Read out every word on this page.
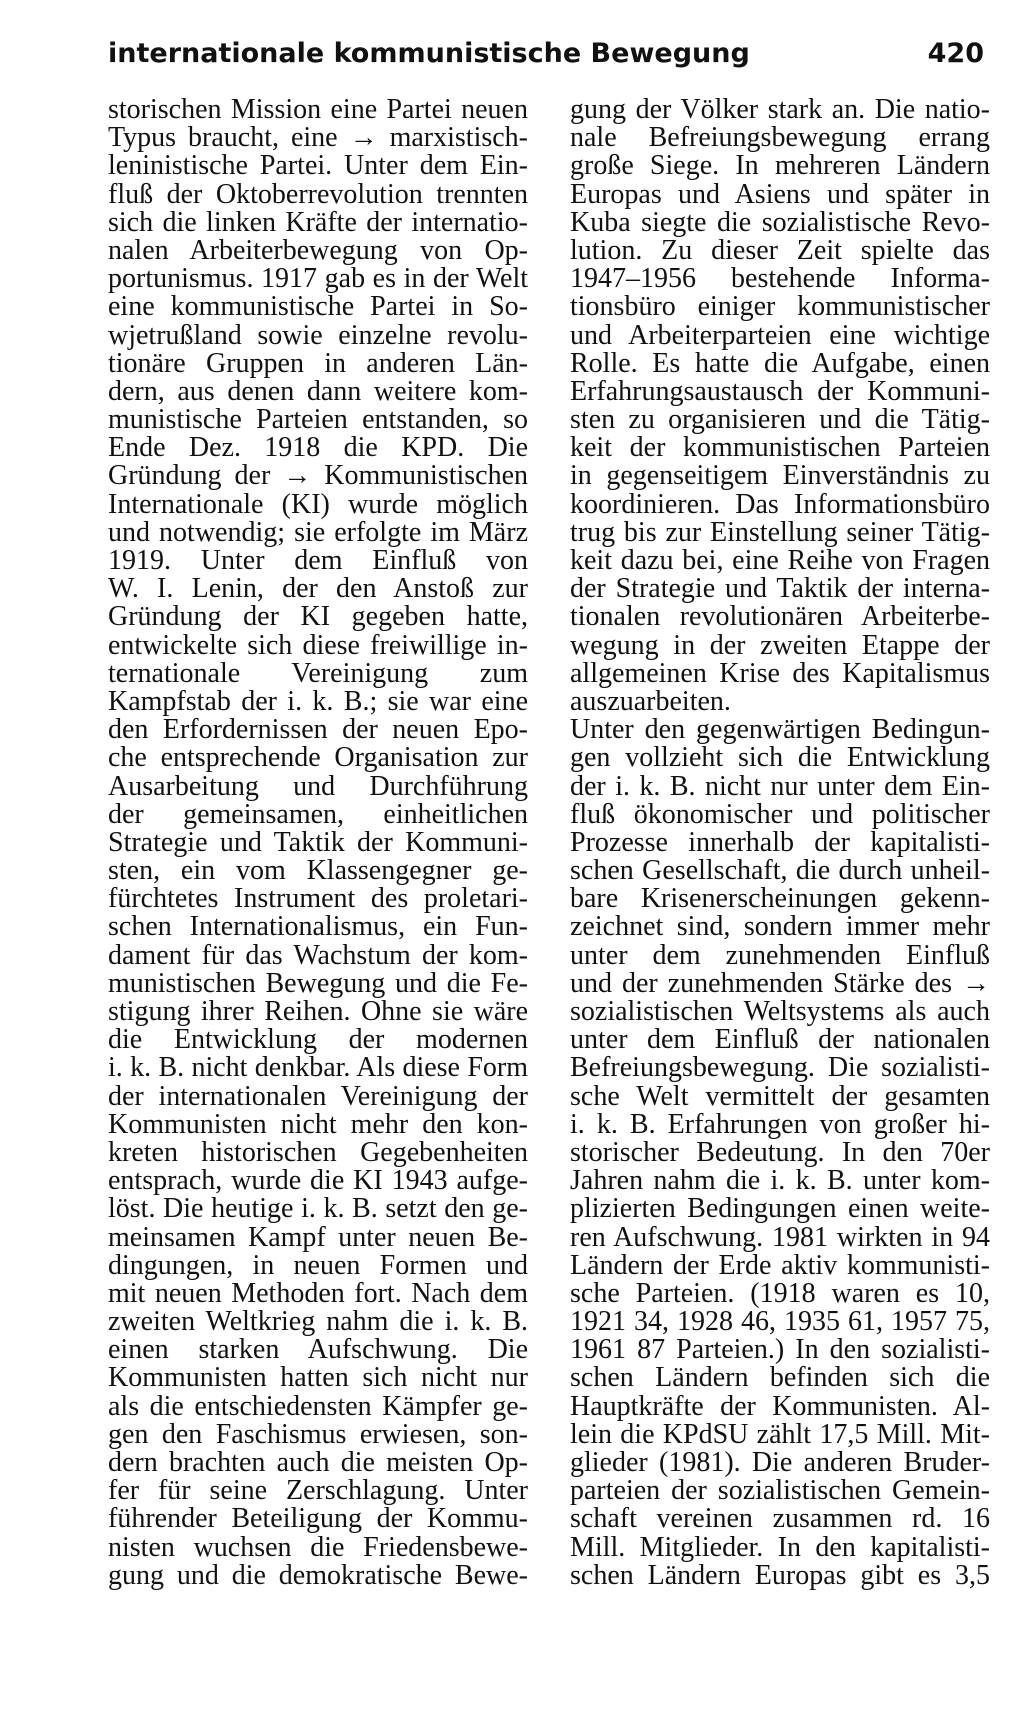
internationale kommunistische Bewegung	420
storischen Mission eine Partei neuen
Typus braucht, eine → marxistisch-
leninistische Partei. Unter dem Ein-
fluß der Oktoberrevolution trennten
sich die linken Kräfte der internatio-
nalen Arbeiterbewegung von Op-
portunismus. 1917 gab es in der Welt
eine kommunistische Partei in So-
wjetrußland sowie einzelne revolu-
tionäre Gruppen in anderen Län-
dern, aus denen dann weitere kom-
munistische Parteien entstanden, so
Ende Dez. 1918 die KPD. Die
Gründung der → Kommunistischen
Internationale (KI) wurde möglich
und notwendig; sie erfolgte im März
1919. Unter dem Einfluß von
W. I. Lenin, der den Anstoß zur
Gründung der KI gegeben hatte,
entwickelte sich diese freiwillige in-
ternationale Vereinigung zum
Kampfstab der i. k. B.; sie war eine
den Erfordernissen der neuen Epo-
che entsprechende Organisation zur
Ausarbeitung und Durchführung
der gemeinsamen, einheitlichen
Strategie und Taktik der Kommuni-
sten, ein vom Klassengegner ge-
fürchtetes Instrument des proletari-
schen Internationalismus, ein Fun-
dament für das Wachstum der kom-
munistischen Bewegung und die Fe-
stigung ihrer Reihen. Ohne sie wäre
die Entwicklung der modernen
i. k. B. nicht denkbar. Als diese Form
der internationalen Vereinigung der
Kommunisten nicht mehr den kon-
kreten historischen Gegebenheiten
entsprach, wurde die KI 1943 aufge-
löst. Die heutige i. k. B. setzt den ge-
meinsamen Kampf unter neuen Be-
dingungen, in neuen Formen und
mit neuen Methoden fort. Nach dem
zweiten Weltkrieg nahm die i. k. B.
einen starken Aufschwung. Die
Kommunisten hatten sich nicht nur
als die entschiedensten Kämpfer ge-
gen den Faschismus erwiesen, son-
dern brachten auch die meisten Op-
fer für seine Zerschlagung. Unter
führender Beteiligung der Kommu-
nisten wuchsen die Friedensbewe-
gung und die demokratische Bewe-
gung der Völker stark an. Die natio-
nale Befreiungsbewegung errang
große Siege. In mehreren Ländern
Europas und Asiens und später in
Kuba siegte die sozialistische Revo-
lution. Zu dieser Zeit spielte das
1947–1956 bestehende Informa-
tionsbüro einiger kommunistischer
und Arbeiterparteien eine wichtige
Rolle. Es hatte die Aufgabe, einen
Erfahrungsaustausch der Kommuni-
sten zu organisieren und die Tätig-
keit der kommunistischen Parteien
in gegenseitigem Einverständnis zu
koordinieren. Das Informationsbüro
trug bis zur Einstellung seiner Tätig-
keit dazu bei, eine Reihe von Fragen
der Strategie und Taktik der interna-
tionalen revolutionären Arbeiterbe-
wegung in der zweiten Etappe der
allgemeinen Krise des Kapitalismus
auszuarbeiten.
Unter den gegenwärtigen Bedingun-
gen vollzieht sich die Entwicklung
der i. k. B. nicht nur unter dem Ein-
fluß ökonomischer und politischer
Prozesse innerhalb der kapitalisti-
schen Gesellschaft, die durch unheil-
bare Krisenerscheinungen gekenn-
zeichnet sind, sondern immer mehr
unter dem zunehmenden Einfluß
und der zunehmenden Stärke des →
sozialistischen Weltsystems als auch
unter dem Einfluß der nationalen
Befreiungsbewegung. Die sozialisti-
sche Welt vermittelt der gesamten
i. k. B. Erfahrungen von großer hi-
storischer Bedeutung. In den 70er
Jahren nahm die i. k. B. unter kom-
plizierten Bedingungen einen weite-
ren Aufschwung. 1981 wirkten in 94
Ländern der Erde aktiv kommunisti-
sche Parteien. (1918 waren es 10,
1921 34, 1928 46, 1935 61, 1957 75,
1961 87 Parteien.) In den sozialisti-
schen Ländern befinden sich die
Hauptkräfte der Kommunisten. Al-
lein die KPdSU zählt 17,5 Mill. Mit-
glieder (1981). Die anderen Bruder-
parteien der sozialistischen Gemein-
schaft vereinen zusammen rd. 16
Mill. Mitglieder. In den kapitalisti-
schen Ländern Europas gibt es 3,5
